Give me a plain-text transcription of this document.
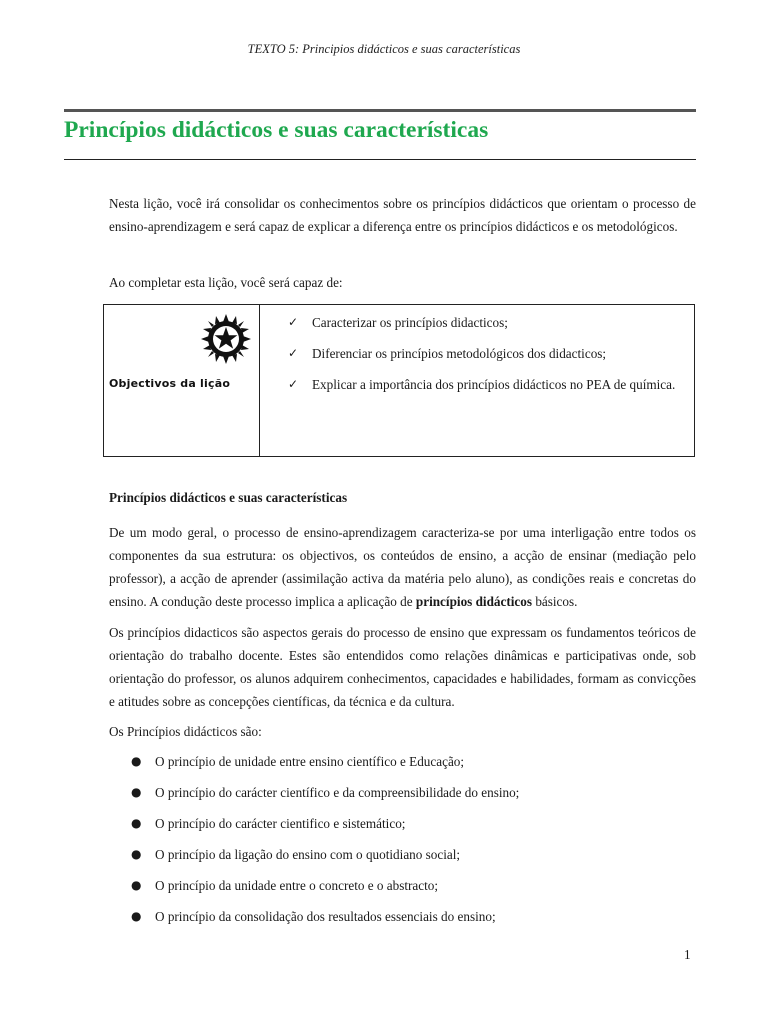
TEXTO 5: Principios didácticos e suas características
Princípios didácticos e suas características

Nesta lição, você irá consolidar os conhecimentos sobre os princípios didácticos que orientam o processo de ensino-aprendizagem e será capaz de explicar a diferença entre os princípios didácticos e os metodológicos.

Ao completar esta lição, você será capaz de:

Objectivos da lição
✓ Caracterizar os princípios didacticos;
✓ Diferenciar os princípios metodológicos dos didacticos;
✓ Explicar a importância dos princípios didácticos no PEA de química.
Princípios didácticos e suas características

De um modo geral, o processo de ensino-aprendizagem caracteriza-se por uma interligação entre todos os componentes da sua estrutura: os objectivos, os conteúdos de ensino, a acção de ensinar (mediação pelo professor), a acção de aprender (assimilação activa da matéria pelo aluno), as condições reais e concretas do ensino. A condução deste processo implica a aplicação de princípios didácticos básicos.

Os princípios didacticos são aspectos gerais do processo de ensino que expressam os fundamentos teóricos de orientação do trabalho docente. Estes são entendidos como relações dinâmicas e participativas onde, sob orientação do professor, os alunos adquirem conhecimentos, capacidades e habilidades, formam as convicções e atitudes sobre as concepções científicas, da técnica e da cultura.

Os Princípios didácticos são:

● O princípio de unidade entre ensino científico e Educação;
● O princípio do carácter científico e da compreensibilidade do ensino;
● O princípio do carácter cientifico e sistemático;
● O princípio da ligação do ensino com o quotidiano social;
● O princípio da unidade entre o concreto e o abstracto;
● O princípio da consolidação dos resultados essenciais do ensino;
1
